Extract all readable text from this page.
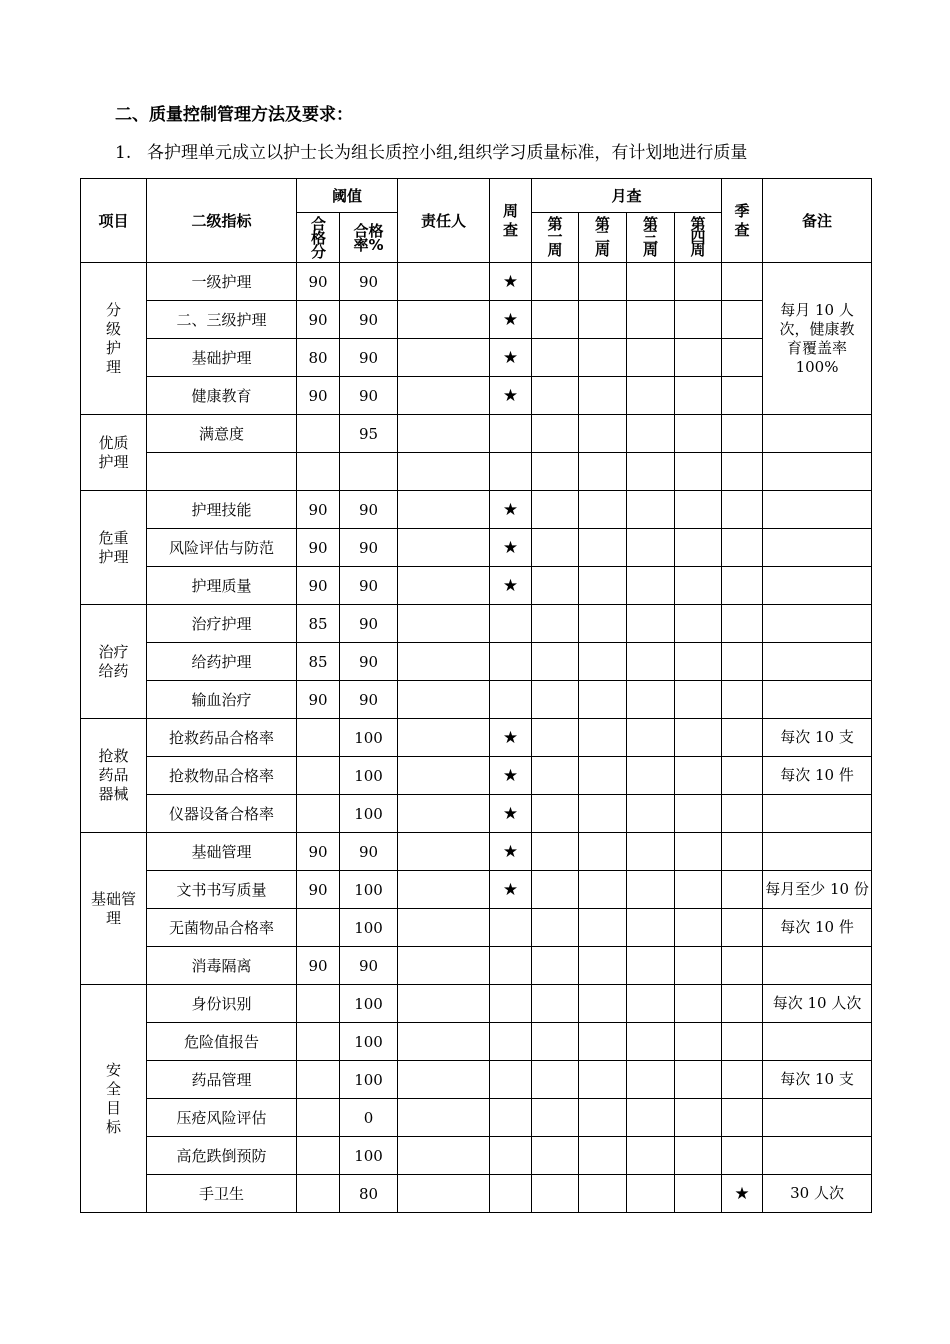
二、质量控制管理方法及要求：
1. 各护理单元成立以护士长为组长质控小组,组织学习质量标准，有计划地进行质量
项目	二级指标	阈值		责任人	周查	月查				季查	备注
		合格分	合格率%			第一周	第二周	第三周	第四周		
分级护理	一级护理	90	90		★						每月 10 人次，健康教育覆盖率 100%
	二、三级护理	90	90		★						
	基础护理	80	90		★						
	健康教育	90	90		★						
优质护理	满意度		95								

危重护理	护理技能	90	90		★						
	风险评估与防范	90	90		★						
	护理质量	90	90		★						
治疗给药	治疗护理	85	90								
	给药护理	85	90								
	输血治疗	90	90								
抢救药品器械	抢救药品合格率		100		★						每次 10 支
	抢救物品合格率		100		★						每次 10 件
	仪器设备合格率		100		★						
基础管理	基础管理	90	90		★						
	文书书写质量	90	100		★						每月至少 10 份
	无菌物品合格率		100								每次 10 件
	消毒隔离	90	90								
安全目标	身份识别		100								每次 10 人次
	危险值报告		100								
	药品管理		100								每次 10 支
	压疮风险评估		0								
	高危跌倒预防		100								
	手卫生		80							★	30 人次
